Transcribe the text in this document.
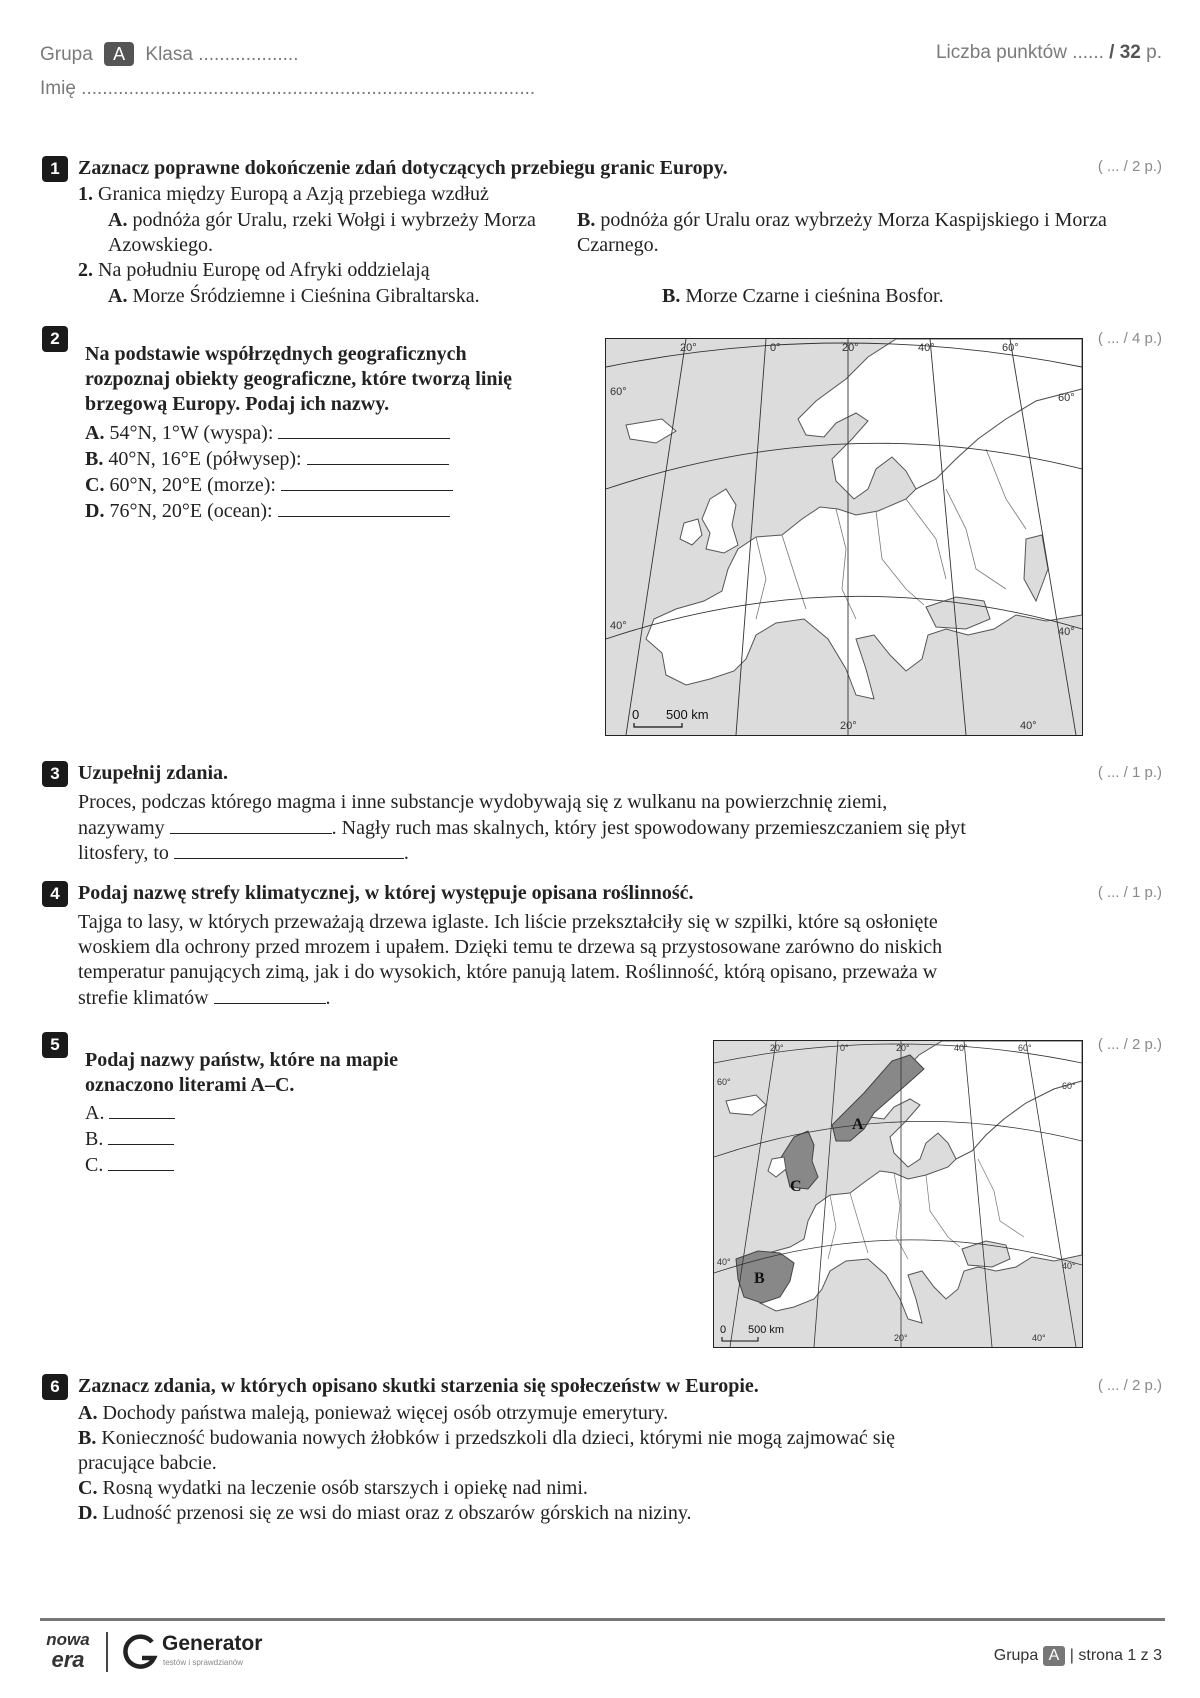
Grupa A Klasa ...................	Liczba punktów ...... / 32 p.
Imię ......................................................................................
1 Zaznacz poprawne dokończenie zdań dotyczących przebiegu granic Europy.	( ... / 2 p.)
1. Granica między Europą a Azją przebiega wzdłuż
A. podnóża gór Uralu, rzeki Wołgi i wybrzeży Morza Azowskiego.
B. podnóża gór Uralu oraz wybrzeży Morza Kaspijskiego i Morza Czarnego.
2. Na południu Europę od Afryki oddzielają
A. Morze Śródziemne i Cieśnina Gibraltarska.	B. Morze Czarne i cieśnina Bosfor.
2
Na podstawie współrzędnych geograficznych rozpoznaj obiekty geograficzne, które tworzą linię brzegową Europy. Podaj ich nazwy.
( ... / 4 p.)
A. 54°N, 1°W (wyspa):
B. 40°N, 16°E (półwysep):
C. 60°N, 20°E (morze):
D. 76°N, 20°E (ocean):
20°	0°	20°	40°	60°
60°
40°
60°
40°
20°	40°
0 500 km
3 Uzupełnij zdania.	( ... / 1 p.)
Proces, podczas którego magma i inne substancje wydobywają się z wulkanu na powierzchnię ziemi,
nazywamy	. Nagły ruch mas skalnych, który jest spowodowany przemieszczaniem się płyt
litosfery, to	.
4 Podaj nazwę strefy klimatycznej, w której występuje opisana roślinność.	( ... / 1 p.)
Tajga to lasy, w których przeważają drzewa iglaste. Ich liście przekształciły się w szpilki, które są osłonięte
woskiem dla ochrony przed mrozem i upałem. Dzięki temu te drzewa są przystosowane zarówno do niskich
temperatur panujących zimą, jak i do wysokich, które panują latem. Roślinność, którą opisano, przeważa w
strefie klimatów	.
5
Podaj nazwy państw, które na mapie oznaczono literami A–C.
( ... / 2 p.)
A.
B.
C.
20°	0°	20°	40°	60°
60°
40°
60°
40°
20°	40°
A
B
C
0 500 km
6 Zaznacz zdania, w których opisano skutki starzenia się społeczeństw w Europie.	( ... / 2 p.)
A. Dochody państwa maleją, ponieważ więcej osób otrzymuje emerytury.
B. Konieczność budowania nowych żłobków i przedszkoli dla dzieci, którymi nie mogą zajmować się
pracujące babcie.
C. Rosną wydatki na leczenie osób starszych i opiekę nad nimi.
D. Ludność przenosi się ze wsi do miast oraz z obszarów górskich na niziny.
nowa
era
Generator
testów i sprawdzianów	Grupa A | strona 1 z 3
